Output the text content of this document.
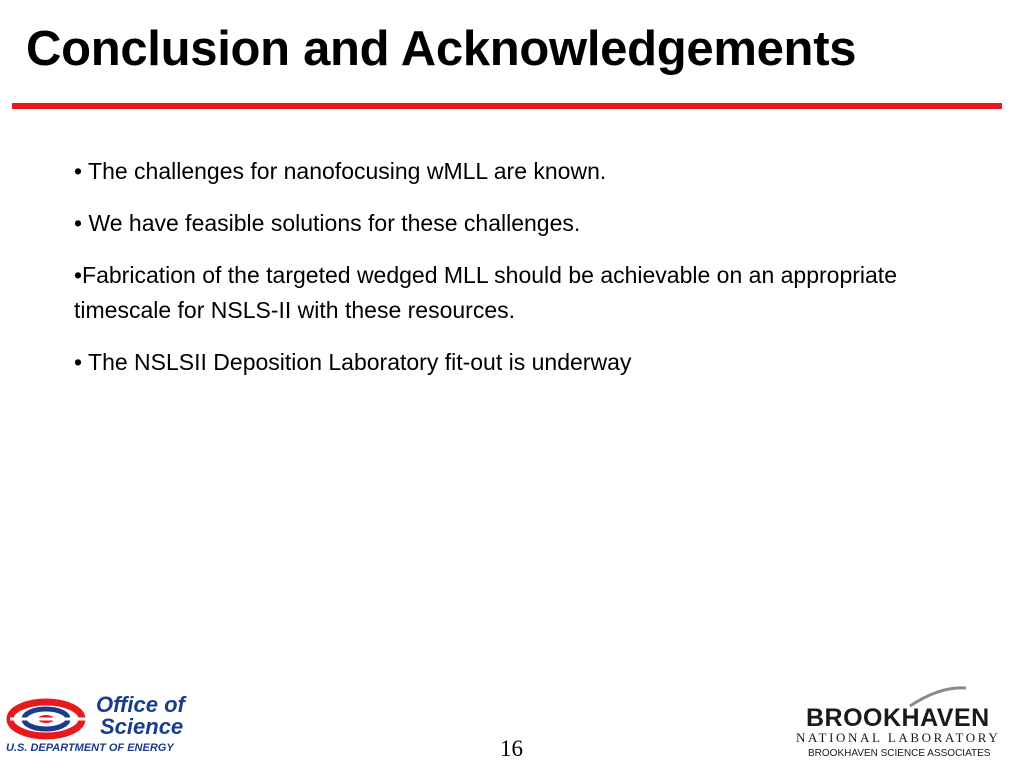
Conclusion and Acknowledgements

• The challenges for nanofocusing wMLL are known.

• We have feasible solutions for these challenges.

•Fabrication of the targeted wedged MLL should be achievable on an appropriate timescale for NSLS-II with these resources.

• The NSLSII Deposition Laboratory fit-out is underway

Office of
Science
U.S. DEPARTMENT OF ENERGY	16
BROOKHAVEN
NATIONAL LABORATORY
BROOKHAVEN SCIENCE ASSOCIATES
